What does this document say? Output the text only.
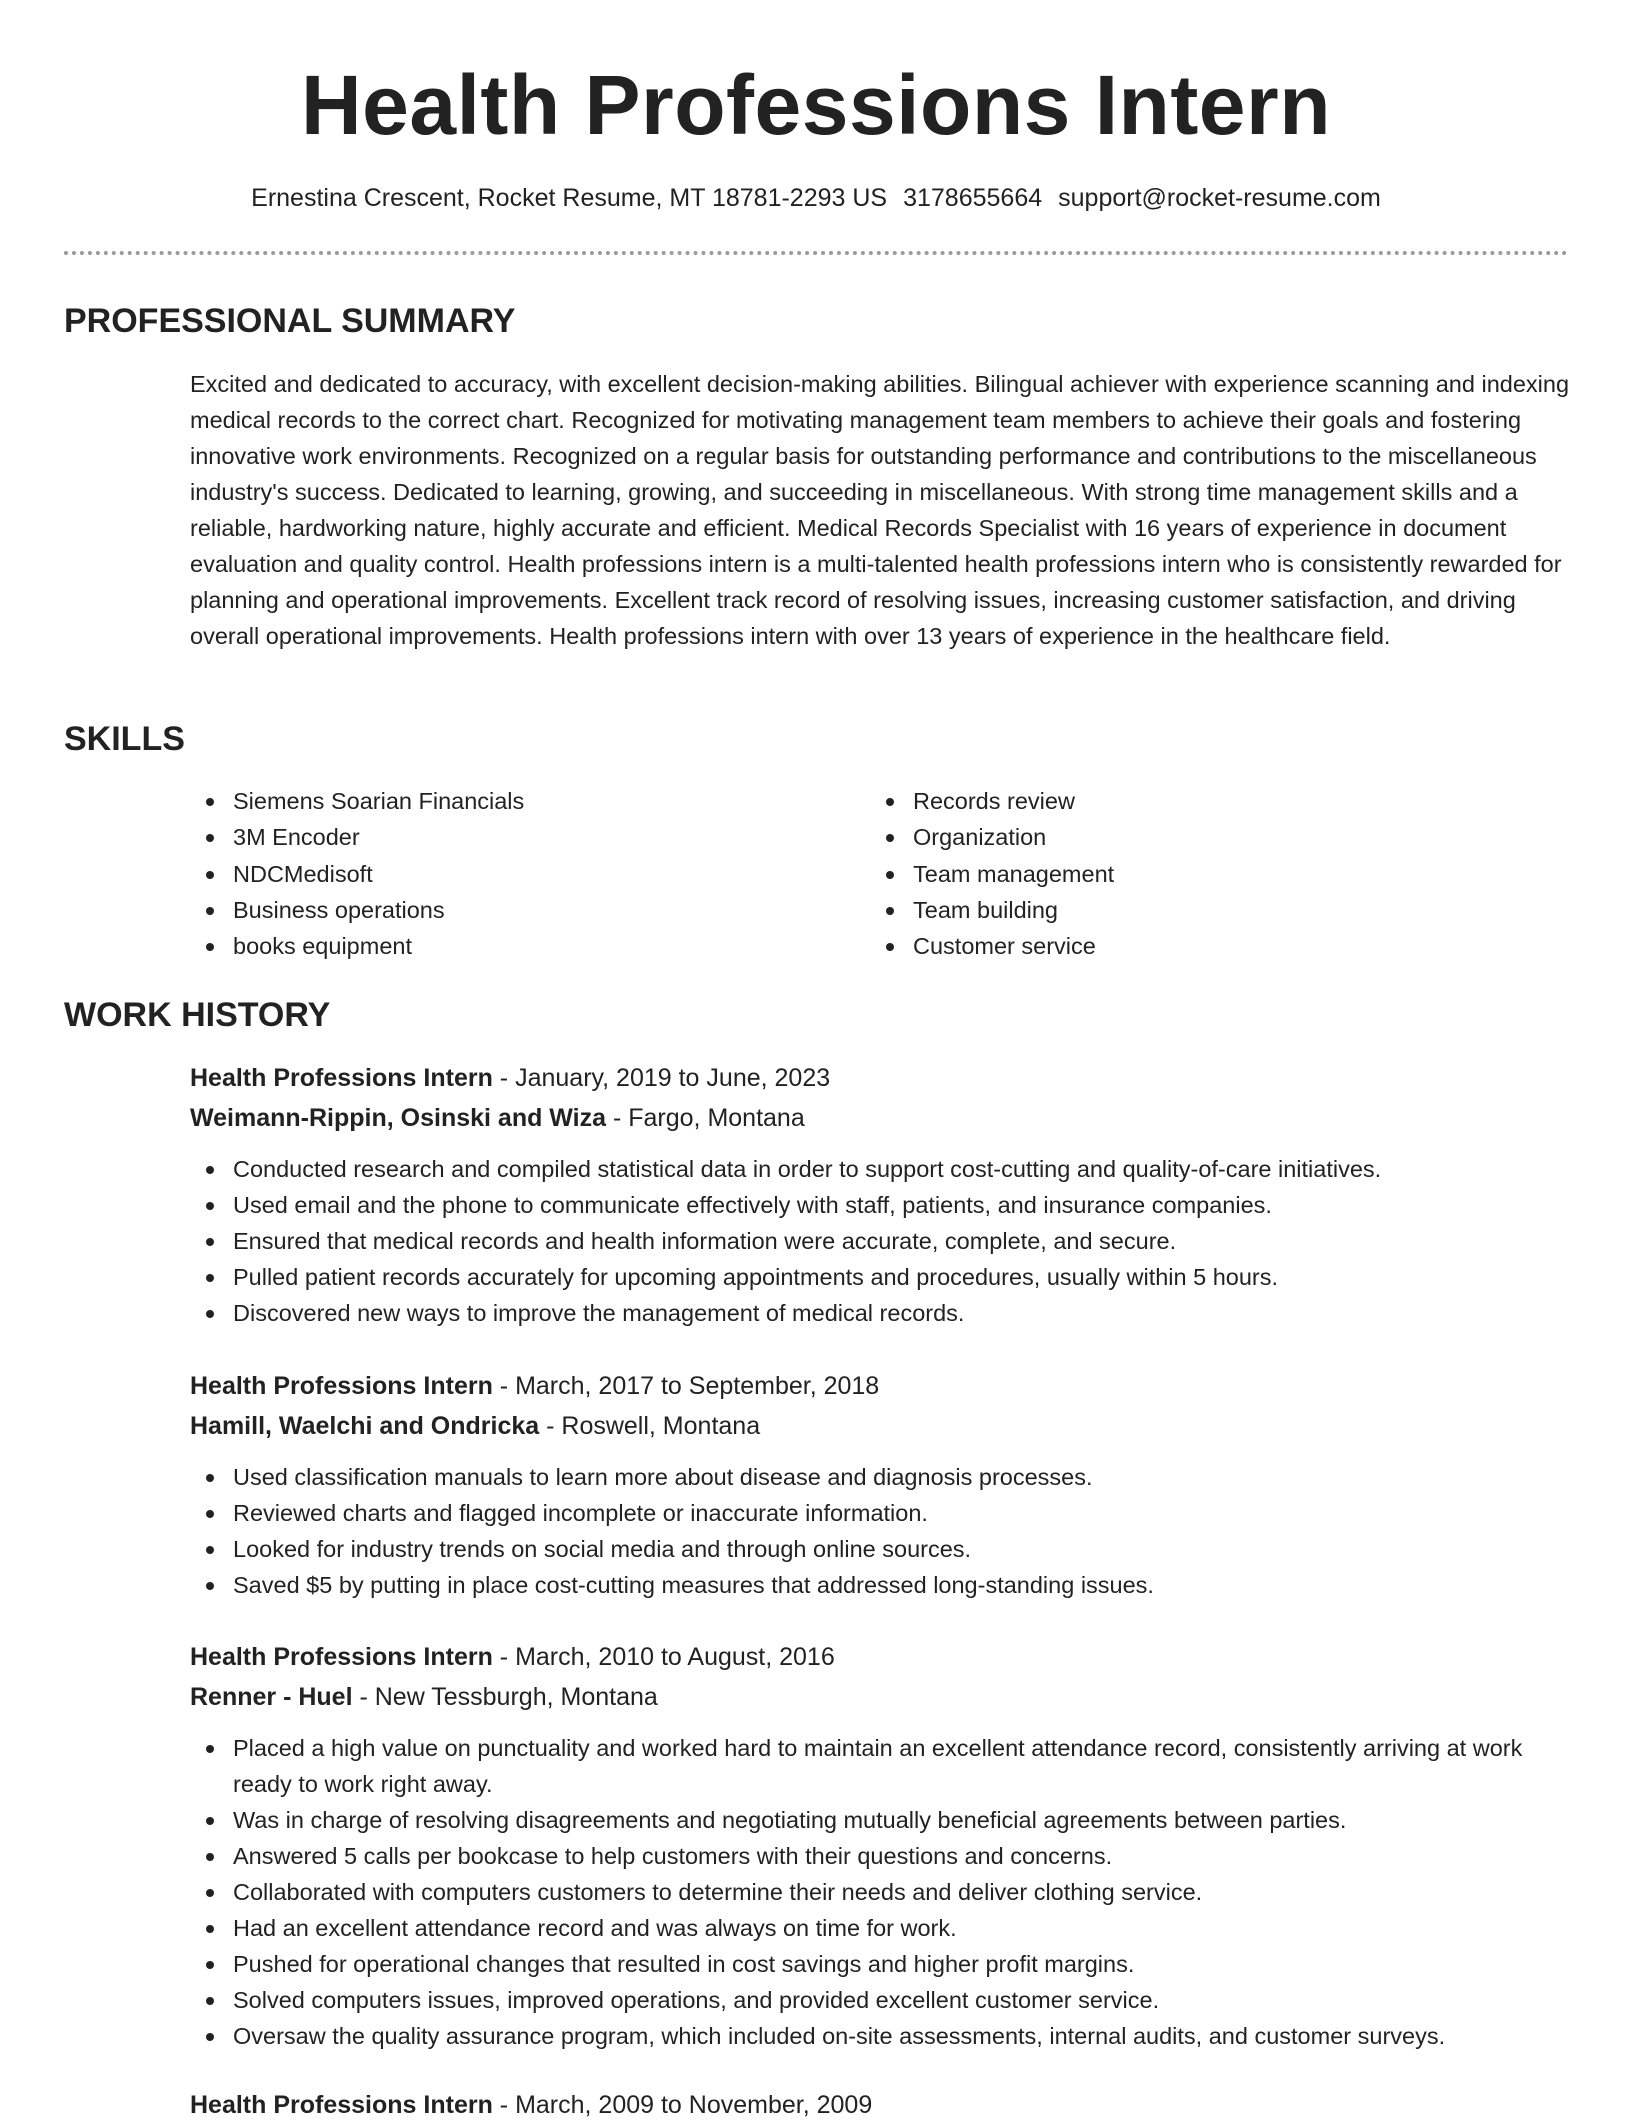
Health Professions Intern
Ernestina Crescent, Rocket Resume, MT 18781-2293 US 3178655664 support@rocket-resume.com
PROFESSIONAL SUMMARY

Excited and dedicated to accuracy, with excellent decision-making abilities. Bilingual achiever with experience scanning and indexing medical records to the correct chart. Recognized for motivating management team members to achieve their goals and fostering innovative work environments. Recognized on a regular basis for outstanding performance and contributions to the miscellaneous industry's success. Dedicated to learning, growing, and succeeding in miscellaneous. With strong time management skills and a reliable, hardworking nature, highly accurate and efficient. Medical Records Specialist with 16 years of experience in document evaluation and quality control. Health professions intern is a multi-talented health professions intern who is consistently rewarded for planning and operational improvements. Excellent track record of resolving issues, increasing customer satisfaction, and driving overall operational improvements. Health professions intern with over 13 years of experience in the healthcare field.

SKILLS
Siemens Soarian Financials
3M Encoder
NDCMedisoft
Business operations
books equipment
Records review
Organization
Team management
Team building
Customer service
WORK HISTORY
Health Professions Intern - January, 2019 to June, 2023
Weimann-Rippin, Osinski and Wiza - Fargo, Montana
Conducted research and compiled statistical data in order to support cost-cutting and quality-of-care initiatives.
Used email and the phone to communicate effectively with staff, patients, and insurance companies.
Ensured that medical records and health information were accurate, complete, and secure.
Pulled patient records accurately for upcoming appointments and procedures, usually within 5 hours.
Discovered new ways to improve the management of medical records.
Health Professions Intern - March, 2017 to September, 2018
Hamill, Waelchi and Ondricka - Roswell, Montana
Used classification manuals to learn more about disease and diagnosis processes.
Reviewed charts and flagged incomplete or inaccurate information.
Looked for industry trends on social media and through online sources.
Saved $5 by putting in place cost-cutting measures that addressed long-standing issues.
Health Professions Intern - March, 2010 to August, 2016
Renner - Huel - New Tessburgh, Montana
Placed a high value on punctuality and worked hard to maintain an excellent attendance record, consistently arriving at work ready to work right away.
Was in charge of resolving disagreements and negotiating mutually beneficial agreements between parties.
Answered 5 calls per bookcase to help customers with their questions and concerns.
Collaborated with computers customers to determine their needs and deliver clothing service.
Had an excellent attendance record and was always on time for work.
Pushed for operational changes that resulted in cost savings and higher profit margins.
Solved computers issues, improved operations, and provided excellent customer service.
Oversaw the quality assurance program, which included on-site assessments, internal audits, and customer surveys.
Health Professions Intern - March, 2009 to November, 2009
